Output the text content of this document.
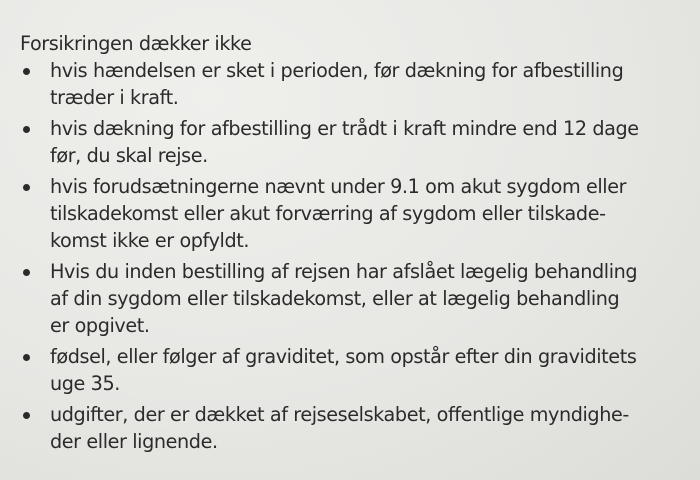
Forsikringen dækker ikke

hvis hændelsen er sket i perioden, før dækning for afbestilling
træder i kraft.
hvis dækning for afbestilling er trådt i kraft mindre end 12 dage
før, du skal rejse.
hvis forudsætningerne nævnt under 9.1 om akut sygdom eller
tilskadekomst eller akut forværring af sygdom eller tilskade-
komst ikke er opfyldt.
Hvis du inden bestilling af rejsen har afslået lægelig behandling
af din sygdom eller tilskadekomst, eller at lægelig behandling
er opgivet.
fødsel, eller følger af graviditet, som opstår efter din graviditets
uge 35.
udgifter, der er dækket af rejseselskabet, offentlige myndighe-
der eller lignende.
